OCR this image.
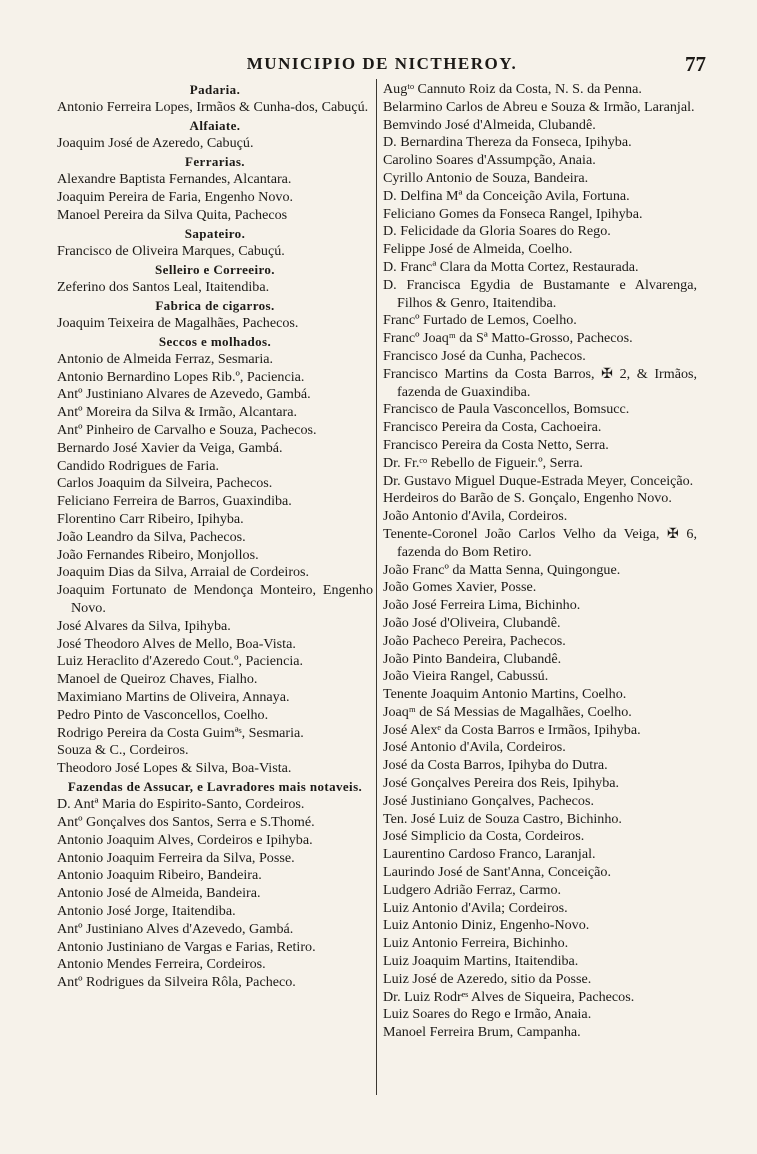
MUNICIPIO DE NICTHEROY.	77
Padaria.
Antonio Ferreira Lopes, Irmãos & Cunha-dos, Cabuçú.
Alfaiate.
Joaquim José de Azeredo, Cabuçú.
Ferrarias.
Alexandre Baptista Fernandes, Alcantara.
Joaquim Pereira de Faria, Engenho Novo.
Manoel Pereira da Silva Quita, Pachecos
Sapateiro.
Francisco de Oliveira Marques, Cabuçú.
Selleiro e Correeiro.
Zeferino dos Santos Leal, Itaitendiba.
Fabrica de cigarros.
Joaquim Teixeira de Magalhães, Pachecos.
Seccos e molhados.
Antonio de Almeida Ferraz, Sesmaria.
Antonio Bernardino Lopes Rib.º, Paciencia.
Antº Justiniano Alvares de Azevedo, Gambá.
Antº Moreira da Silva & Irmão, Alcantara.
Antº Pinheiro de Carvalho e Souza, Pachecos.
Bernardo José Xavier da Veiga, Gambá.
Candido Rodrigues de Faria.
Carlos Joaquim da Silveira, Pachecos.
Feliciano Ferreira de Barros, Guaxindiba.
Florentino Carr Ribeiro, Ipihyba.
João Leandro da Silva, Pachecos.
João Fernandes Ribeiro, Monjollos.
Joaquim Dias da Silva, Arraial de Cordeiros.
Joaquim Fortunato de Mendonça Monteiro, Engenho Novo.
José Alvares da Silva, Ipihyba.
José Theodoro Alves de Mello, Boa-Vista.
Luiz Heraclito d'Azeredo Cout.º, Paciencia.
Manoel de Queiroz Chaves, Fialho.
Maximiano Martins de Oliveira, Annaya.
Pedro Pinto de Vasconcellos, Coelho.
Rodrigo Pereira da Costa Guimªˢ, Sesmaria.
Souza & C., Cordeiros.
Theodoro José Lopes & Silva, Boa-Vista.
Fazendas de Assucar, e Lavradores mais notaveis.
D. Antª Maria do Espirito-Santo, Cordeiros.
Antº Gonçalves dos Santos, Serra e S.Thomé.
Antonio Joaquim Alves, Cordeiros e Ipihyba.
Antonio Joaquim Ferreira da Silva, Posse.
Antonio Joaquim Ribeiro, Bandeira.
Antonio José de Almeida, Bandeira.
Antonio José Jorge, Itaitendiba.
Antº Justiniano Alves d'Azevedo, Gambá.
Antonio Justiniano de Vargas e Farias, Retiro.
Antonio Mendes Ferreira, Cordeiros.
Antº Rodrigues da Silveira Rôla, Pacheco.
Augᵗᵒ Cannuto Roiz da Costa, N. S. da Penna.
Belarmino Carlos de Abreu e Souza & Irmão, Laranjal.
Bemvindo José d'Almeida, Clubandê.
D. Bernardina Thereza da Fonseca, Ipihyba.
Carolino Soares d'Assumpção, Anaia.
Cyrillo Antonio de Souza, Bandeira.
D. Delfina Mª da Conceição Avila, Fortuna.
Feliciano Gomes da Fonseca Rangel, Ipihyba.
D. Felicidade da Gloria Soares do Rego.
Felippe José de Almeida, Coelho.
D. Francª Clara da Motta Cortez, Restaurada.
D. Francisca Egydia de Bustamante e Alvarenga, Filhos & Genro, Itaitendiba.
Francº Furtado de Lemos, Coelho.
Francº Joaqᵐ da Sª Matto-Grosso, Pachecos.
Francisco José da Cunha, Pachecos.
Francisco Martins da Costa Barros, ✠ 2, & Irmãos, fazenda de Guaxindiba.
Francisco de Paula Vasconcellos, Bomsucc.
Francisco Pereira da Costa, Cachoeira.
Francisco Pereira da Costa Netto, Serra.
Dr. Fr.ᶜᵒ Rebello de Figueir.º, Serra.
Dr. Gustavo Miguel Duque-Estrada Meyer, Conceição.
Herdeiros do Barão de S. Gonçalo, Engenho Novo.
João Antonio d'Avila, Cordeiros.
Tenente-Coronel João Carlos Velho da Veiga, ✠ 6, fazenda do Bom Retiro.
João Francº da Matta Senna, Quingongue.
João Gomes Xavier, Posse.
João José Ferreira Lima, Bichinho.
João José d'Oliveira, Clubandê.
João Pacheco Pereira, Pachecos.
João Pinto Bandeira, Clubandê.
João Vieira Rangel, Cabussú.
Tenente Joaquim Antonio Martins, Coelho.
Joaqᵐ de Sá Messias de Magalhães, Coelho.
José Alexᵉ da Costa Barros e Irmãos, Ipihyba.
José Antonio d'Avila, Cordeiros.
José da Costa Barros, Ipihyba do Dutra.
José Gonçalves Pereira dos Reis, Ipihyba.
José Justiniano Gonçalves, Pachecos.
Ten. José Luiz de Souza Castro, Bichinho.
José Simplicio da Costa, Cordeiros.
Laurentino Cardoso Franco, Laranjal.
Laurindo José de Sant'Anna, Conceição.
Ludgero Adrião Ferraz, Carmo.
Luiz Antonio d'Avila; Cordeiros.
Luiz Antonio Diniz, Engenho-Novo.
Luiz Antonio Ferreira, Bichinho.
Luiz Joaquim Martins, Itaitendiba.
Luiz José de Azeredo, sitio da Posse.
Dr. Luiz Rodrᵉˢ Alves de Siqueira, Pachecos.
Luiz Soares do Rego e Irmão, Anaia.
Manoel Ferreira Brum, Campanha.
